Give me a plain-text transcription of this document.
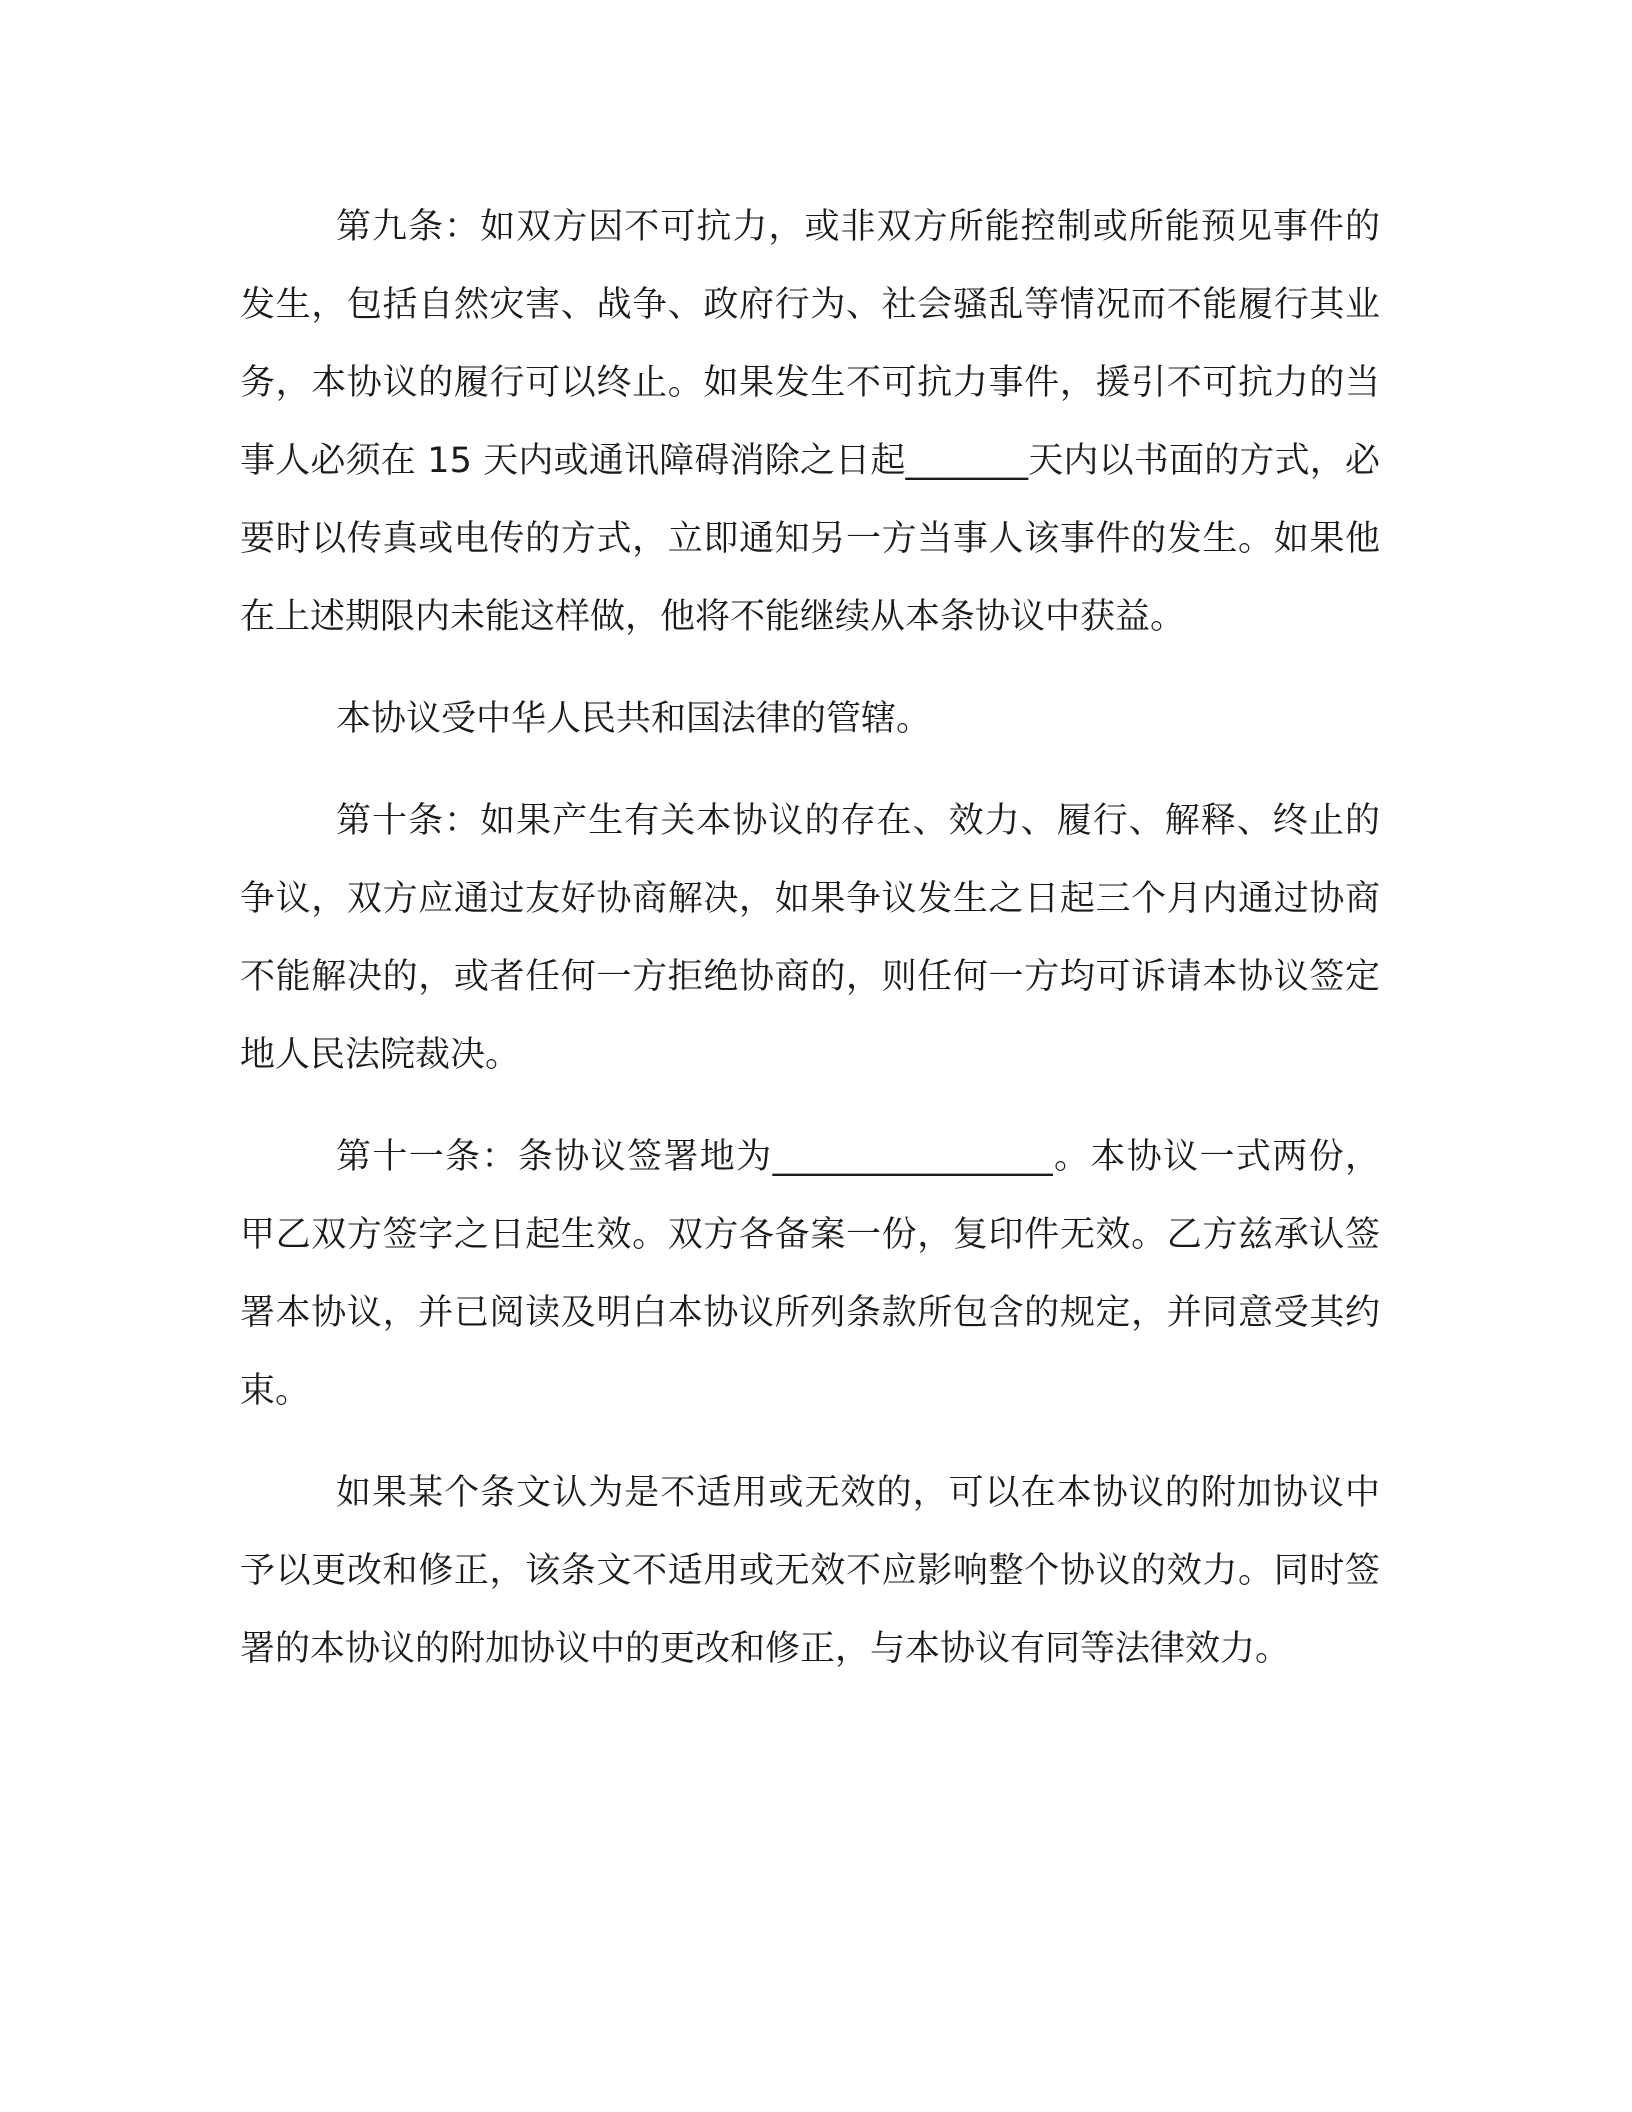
第九条：如双方因不可抗力，或非双方所能控制或所能预见事件的发生，包括自然灾害、战争、政府行为、社会骚乱等情况而不能履行其业务，本协议的履行可以终止。如果发生不可抗力事件，援引不可抗力的当事人必须在 15 天内或通讯障碍消除之日起_______天内以书面的方式，必要时以传真或电传的方式，立即通知另一方当事人该事件的发生。如果他在上述期限内未能这样做，他将不能继续从本条协议中获益。

本协议受中华人民共和国法律的管辖。

第十条：如果产生有关本协议的存在、效力、履行、解释、终止的争议，双方应通过友好协商解决，如果争议发生之日起三个月内通过协商不能解决的，或者任何一方拒绝协商的，则任何一方均可诉请本协议签定地人民法院裁决。

第十一条：条协议签署地为________________。本协议一式两份，甲乙双方签字之日起生效。双方各备案一份，复印件无效。乙方兹承认签署本协议，并已阅读及明白本协议所列条款所包含的规定，并同意受其约束。

如果某个条文认为是不适用或无效的，可以在本协议的附加协议中予以更改和修正，该条文不适用或无效不应影响整个协议的效力。同时签署的本协议的附加协议中的更改和修正，与本协议有同等法律效力。
